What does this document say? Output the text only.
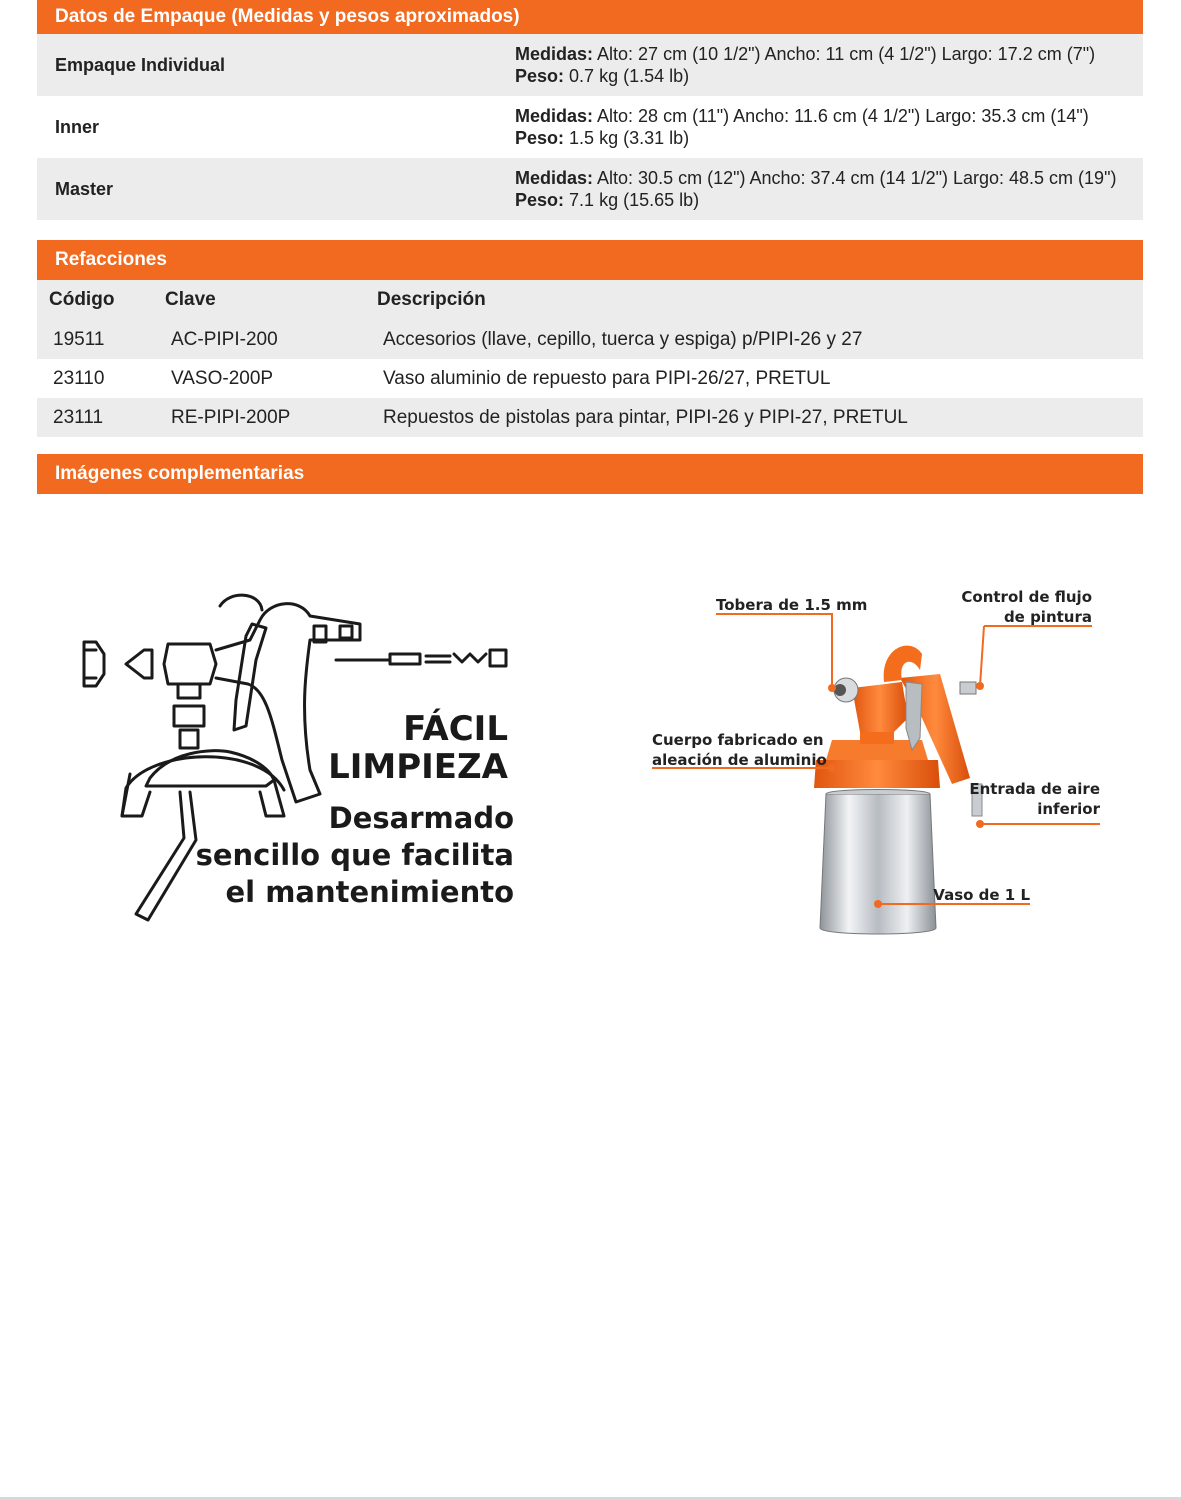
Datos de Empaque (Medidas y pesos aproximados)
Empaque Individual
Medidas: Alto: 27 cm (10 1/2") Ancho: 11 cm (4 1/2") Largo: 17.2 cm (7")
Peso: 0.7 kg (1.54 lb)
Inner
Medidas: Alto: 28 cm (11") Ancho: 11.6 cm (4 1/2") Largo: 35.3 cm (14")
Peso: 1.5 kg (3.31 lb)
Master
Medidas: Alto: 30.5 cm (12") Ancho: 37.4 cm (14 1/2") Largo: 48.5 cm (19")
Peso: 7.1 kg (15.65 lb)
Refacciones
Código	Clave	Descripción
19511	AC-PIPI-200	Accesorios (llave, cepillo, tuerca y espiga) p/PIPI-26 y 27
23110	VASO-200P	Vaso aluminio de repuesto para PIPI-26/27, PRETUL
23111	RE-PIPI-200P	Repuestos de pistolas para pintar, PIPI-26 y PIPI-27, PRETUL
Imágenes complementarias
FÁCIL
LIMPIEZA
Desarmado
sencillo que facilita
el mantenimiento
Tobera de 1.5 mm	Control de flujo
de pintura
Cuerpo fabricado en
aleación de aluminio
Entrada de aire
inferior
Vaso de 1 L
